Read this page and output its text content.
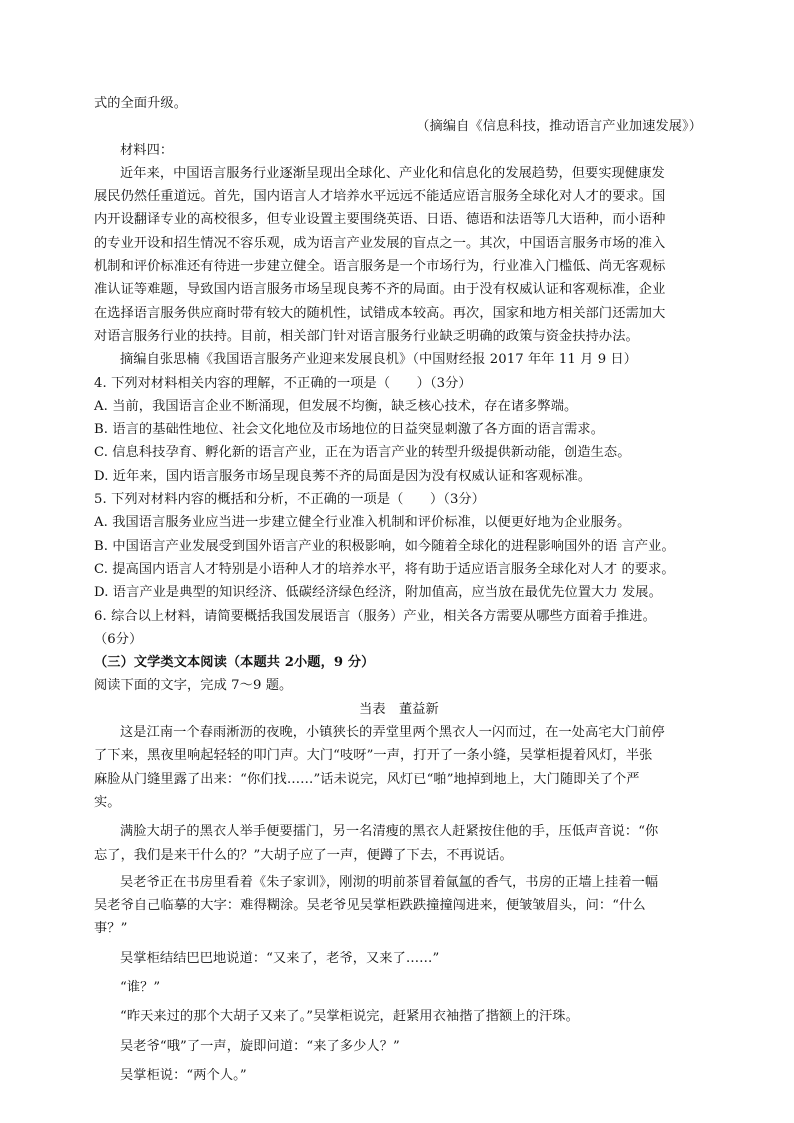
式的全面升级。
（摘编自《信息科技，推动语言产业加速发展》）
材料四：
近年来，中国语言服务行业逐渐呈现出全球化、产业化和信息化的发展趋势，但要实现健康发
展民仍然任重道远。首先，国内语言人才培养水平远远不能适应语言服务全球化对人才的要求。国
内开设翻译专业的高校很多，但专业设置主要围绕英语、日语、德语和法语等几大语种，而小语种
的专业开设和招生情况不容乐观，成为语言产业发展的盲点之一。其次，中国语言服务市场的准入
机制和评价标准还有待进一步建立健全。语言服务是一个市场行为，行业准入门槛低、尚无客观标
准认证等难题，导致国内语言服务市场呈现良莠不齐的局面。由于没有权威认证和客观标准，企业
在选择语言服务供应商时带有较大的随机性，试错成本较高。再次，国家和地方相关部门还需加大
对语言服务行业的扶持。目前，相关部门针对语言服务行业缺乏明确的政策与资金扶持办法。
摘编自张思楠《我国语言服务产业迎来发展良机》（中国财经报 2017 年年 11 月 9 日）
4. 下列对材料相关内容的理解，不正确的一项是（　　）（3分）
A. 当前，我国语言企业不断涌现，但发展不均衡，缺乏核心技术，存在诸多弊端。
B. 语言的基础性地位、社会文化地位及市场地位的日益突显刺激了各方面的语言需求。
C. 信息科技孕育、孵化新的语言产业，正在为语言产业的转型升级提供新动能，创造生态。
D. 近年来，国内语言服务市场呈现良莠不齐的局面是因为没有权威认证和客观标准。
5. 下列对材料内容的概括和分析，不正确的一项是（　　）（3分）
A. 我国语言服务业应当进一步建立健全行业准入机制和评价标准，以便更好地为企业服务。
B. 中国语言产业发展受到国外语言产业的积极影响，如今随着全球化的进程影响国外的语 言产业。
C. 提高国内语言人才特别是小语种人才的培养水平，将有助于适应语言服务全球化对人才 的要求。
D. 语言产业是典型的知识经济、低碳经济绿色经济，附加值高，应当放在最优先位置大力 发展。
6. 综合以上材料，请简要概括我国发展语言（服务）产业，相关各方需要从哪些方面着手推进。
（6分）
（三）文学类文本阅读（本题共 2小题，9 分）
阅读下面的文字，完成 7～9 题。
当表　董益新
这是江南一个春雨淅沥的夜晚，小镇狭长的弄堂里两个黑衣人一闪而过，在一处高宅大门前停
了下来，黑夜里响起轻轻的叩门声。大门“吱呀”一声，打开了一条小缝，吴掌柜提着风灯，半张
麻脸从门缝里露了出来：“你们找……”话未说完，风灯已“啪”地掉到地上，大门随即关了个严
实。
满脸大胡子的黑衣人举手便要擂门，另一名清瘦的黑衣人赶紧按住他的手，压低声音说：“你
忘了，我们是来干什么的？”大胡子应了一声，便蹲了下去，不再说话。
吴老爷正在书房里看着《朱子家训》，刚沏的明前茶冒着氤氲的香气，书房的正墙上挂着一幅
吴老爷自己临摹的大字：难得糊涂。吴老爷见吴掌柜跌跌撞撞闯进来，便皱皱眉头，问：“什么
事？”
吴掌柜结结巴巴地说道：“又来了，老爷，又来了……”
“谁？”
“昨天来过的那个大胡子又来了。”吴掌柜说完，赶紧用衣袖揩了揩额上的汗珠。
吴老爷“哦”了一声，旋即问道：“来了多少人？”
吴掌柜说：“两个人。”
